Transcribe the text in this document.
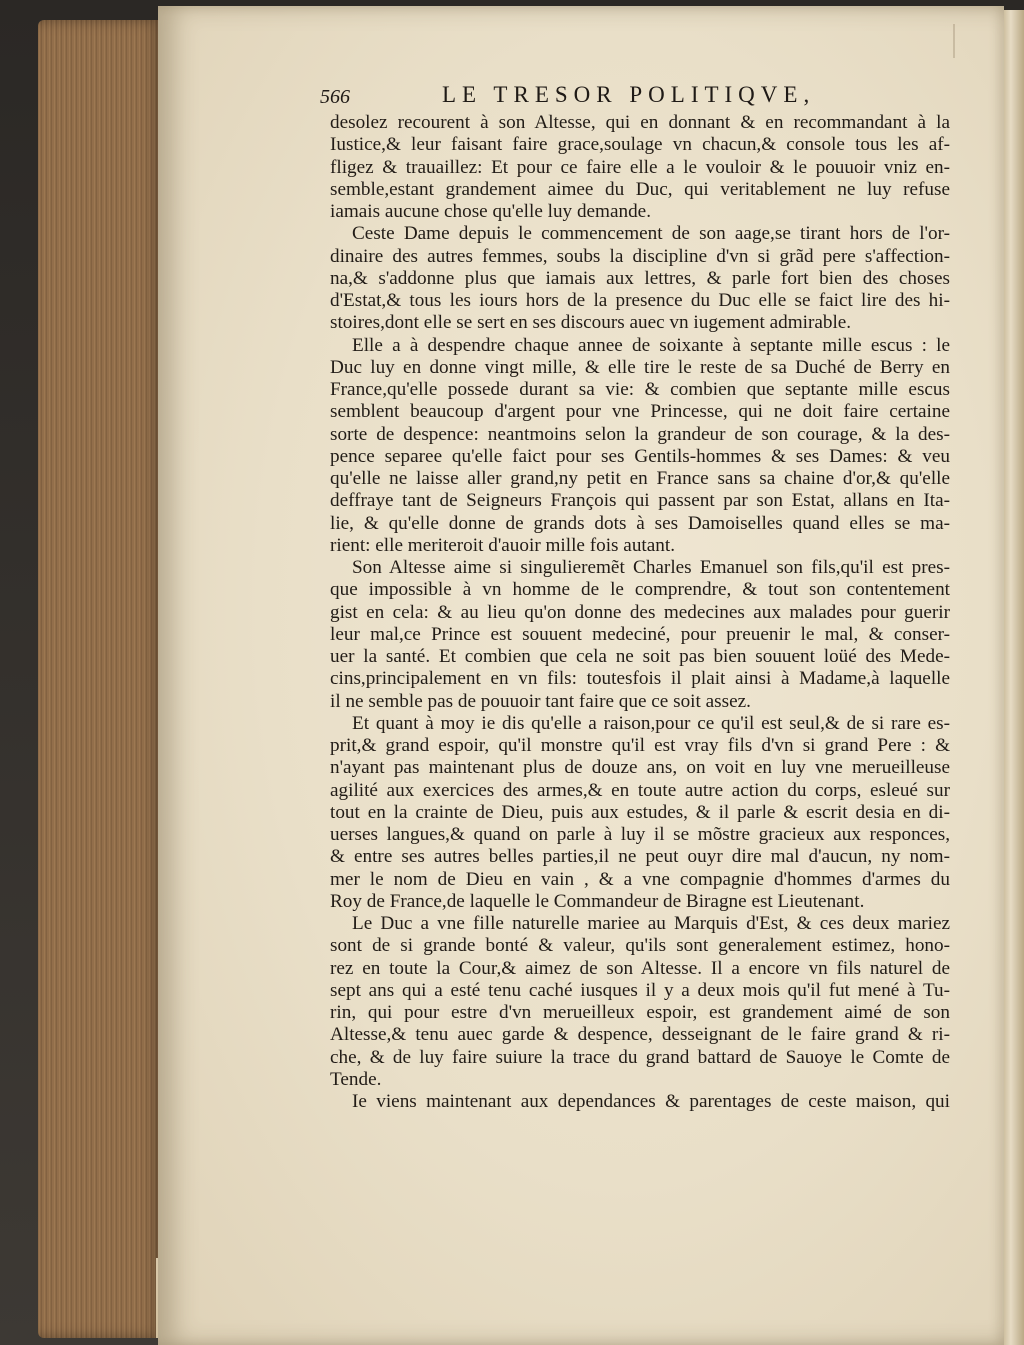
566	LE TRESOR POLITIQVE,
desolez recourent à son Altesse, qui en donnant & en recommandant à la
Iustice,& leur faisant faire grace,soulage vn chacun,& console tous les af-
fligez & trauaillez: Et pour ce faire elle a le vouloir & le pouuoir vniz en-
semble,estant grandement aimee du Duc, qui veritablement ne luy refuse
iamais aucune chose qu'elle luy demande.
Ceste Dame depuis le commencement de son aage,se tirant hors de l'or-
dinaire des autres femmes, soubs la discipline d'vn si grãd pere s'affection-
na,& s'addonne plus que iamais aux lettres, & parle fort bien des choses
d'Estat,& tous les iours hors de la presence du Duc elle se faict lire des hi-
stoires,dont elle se sert en ses discours auec vn iugement admirable.
Elle a à despendre chaque annee de soixante à septante mille escus : le
Duc luy en donne vingt mille, & elle tire le reste de sa Duché de Berry en
France,qu'elle possede durant sa vie: & combien que septante mille escus
semblent beaucoup d'argent pour vne Princesse, qui ne doit faire certaine
sorte de despence: neantmoins selon la grandeur de son courage, & la des-
pence separee qu'elle faict pour ses Gentils-hommes & ses Dames: & veu
qu'elle ne laisse aller grand,ny petit en France sans sa chaine d'or,& qu'elle
deffraye tant de Seigneurs François qui passent par son Estat, allans en Ita-
lie, & qu'elle donne de grands dots à ses Damoiselles quand elles se ma-
rient: elle meriteroit d'auoir mille fois autant.
Son Altesse aime si singulieremẽt Charles Emanuel son fils,qu'il est pres-
que impossible à vn homme de le comprendre, & tout son contentement
gist en cela: & au lieu qu'on donne des medecines aux malades pour guerir
leur mal,ce Prince est souuent medeciné, pour preuenir le mal, & conser-
uer la santé. Et combien que cela ne soit pas bien souuent loüé des Mede-
cins,principalement en vn fils: toutesfois il plait ainsi à Madame,à laquelle
il ne semble pas de pouuoir tant faire que ce soit assez.
Et quant à moy ie dis qu'elle a raison,pour ce qu'il est seul,& de si rare es-
prit,& grand espoir, qu'il monstre qu'il est vray fils d'vn si grand Pere : &
n'ayant pas maintenant plus de douze ans, on voit en luy vne merueilleuse
agilité aux exercices des armes,& en toute autre action du corps, esleué sur
tout en la crainte de Dieu, puis aux estudes, & il parle & escrit desia en di-
uerses langues,& quand on parle à luy il se mõstre gracieux aux responces,
& entre ses autres belles parties,il ne peut ouyr dire mal d'aucun, ny nom-
mer le nom de Dieu en vain , & a vne compagnie d'hommes d'armes du
Roy de France,de laquelle le Commandeur de Biragne est Lieutenant.
Le Duc a vne fille naturelle mariee au Marquis d'Est, & ces deux mariez
sont de si grande bonté & valeur, qu'ils sont generalement estimez, hono-
rez en toute la Cour,& aimez de son Altesse. Il a encore vn fils naturel de
sept ans qui a esté tenu caché iusques il y a deux mois qu'il fut mené à Tu-
rin, qui pour estre d'vn merueilleux espoir, est grandement aimé de son
Altesse,& tenu auec garde & despence, desseignant de le faire grand & ri-
che, & de luy faire suiure la trace du grand battard de Sauoye le Comte de
Tende.
Ie viens maintenant aux dependances & parentages de ceste maison, qui
